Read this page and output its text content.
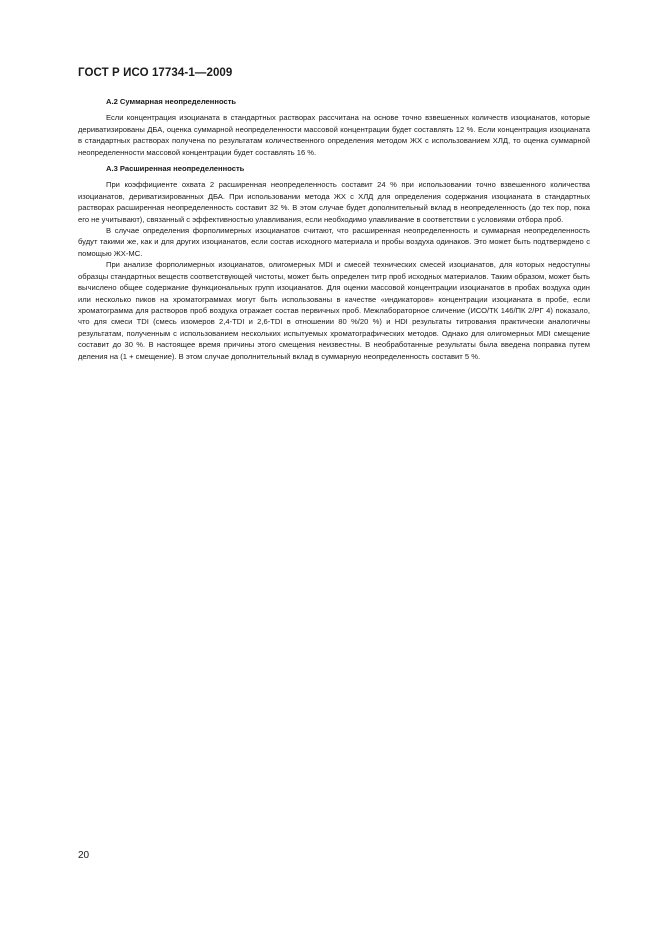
ГОСТ Р ИСО 17734-1—2009

А.2 Суммарная неопределенность

Если концентрация изоцианата в стандартных растворах рассчитана на основе точно взвешенных количеств изоцианатов, которые дериватизированы ДБА, оценка суммарной неопределенности массовой концентрации будет составлять 12 %. Если концентрация изоцианата в стандартных растворах получена по результатам количественного определения методом ЖХ с использованием ХЛД, то оценка суммарной неопределенности массовой концентрации будет составлять 16 %.

А.3 Расширенная неопределенность

При коэффициенте охвата 2 расширенная неопределенность составит 24 % при использовании точно взвешенного количества изоцианатов, дериватизированных ДБА. При использовании метода ЖХ с ХЛД для определения содержания изоцианата в стандартных растворах расширенная неопределенность составит 32 %. В этом случае будет дополнительный вклад в неопределенность (до тех пор, пока его не учитывают), связанный с эффективностью улавливания, если необходимо улавливание в соответствии с условиями отбора проб.

В случае определения форполимерных изоцианатов считают, что расширенная неопределенность и суммарная неопределенность будут такими же, как и для других изоцианатов, если состав исходного материала и пробы воздуха одинаков. Это может быть подтверждено с помощью ЖХ-МС.

При анализе форполимерных изоцианатов, олигомерных MDI и смесей технических смесей изоцианатов, для которых недоступны образцы стандартных веществ соответствующей чистоты, может быть определен титр проб исходных материалов. Таким образом, может быть вычислено общее содержание функциональных групп изоцианатов. Для оценки массовой концентрации изоцианатов в пробах воздуха один или несколько пиков на хроматограммах могут быть использованы в качестве «индикаторов» концентрации изоцианата в пробе, если хроматограмма для растворов проб воздуха отражает состав первичных проб. Межлабораторное сличение (ИСО/ТК 146/ПК 2/РГ 4) показало, что для смеси TDI (смесь изомеров 2,4-TDI и 2,6-TDI в отношении 80 %/20 %) и HDI результаты титрования практически аналогичны результатам, полученным с использованием нескольких испытуемых хроматографических методов. Однако для олигомерных MDI смещение составит до 30 %. В настоящее время причины этого смещения неизвестны. В необработанные результаты была введена поправка путем деления на (1 + смещение). В этом случае дополнительный вклад в суммарную неопределенность составит 5 %.

20
